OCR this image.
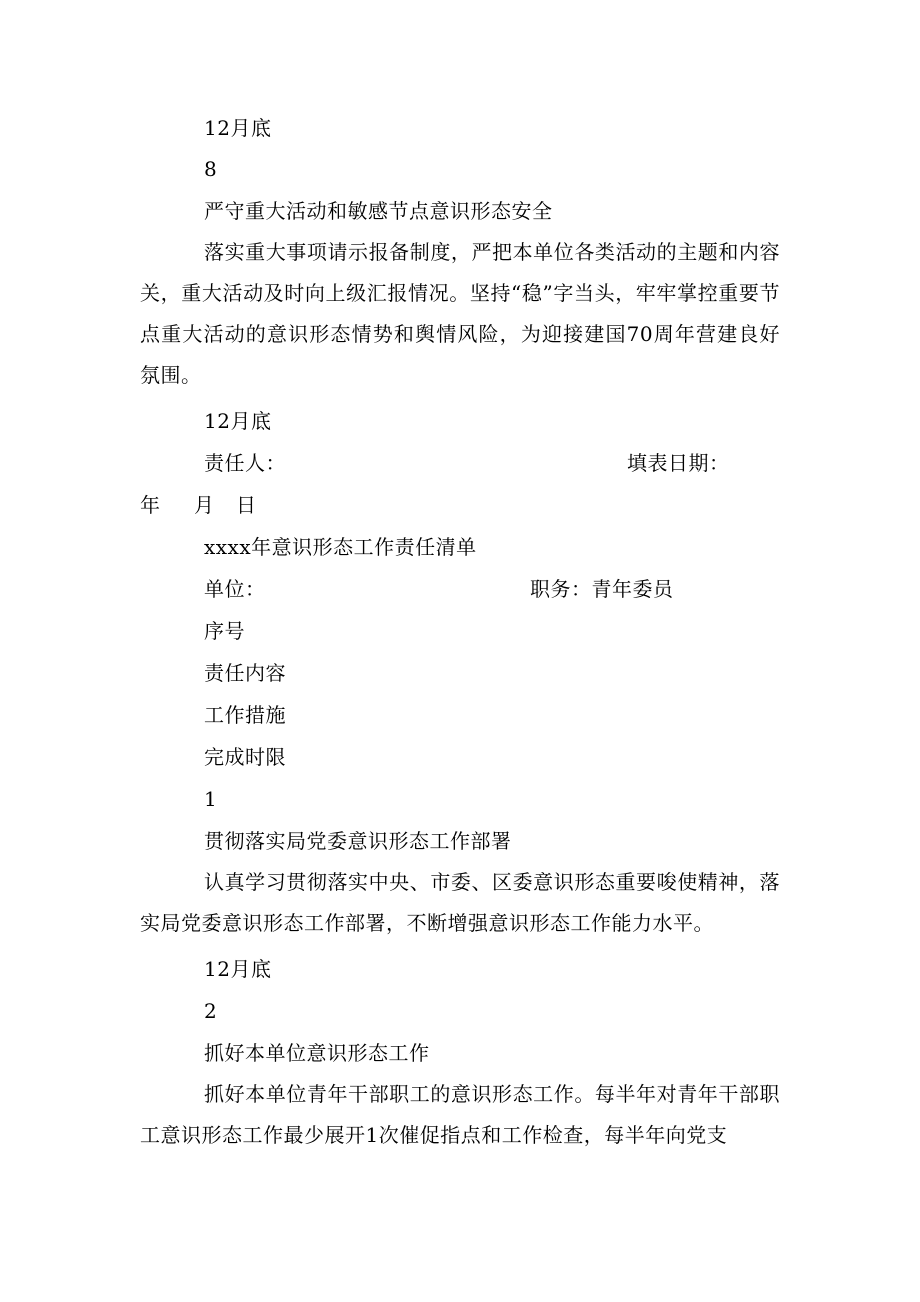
12月底
8
严守重大活动和敏感节点意识形态安全
落实重大事项请示报备制度，严把本单位各类活动的主题和内容关，重大活动及时向上级汇报情况。坚持“稳”字当头，牢牢掌控重要节点重大活动的意识形态情势和舆情风险，为迎接建国70周年营建良好氛围。
12月底
责任人：	填表日期：
年 月 日
xxxx年意识形态工作责任清单
单位：	职务：青年委员
序号
责任内容
工作措施
完成时限
1
贯彻落实局党委意识形态工作部署
认真学习贯彻落实中央、市委、区委意识形态重要唆使精神，落实局党委意识形态工作部署，不断增强意识形态工作能力水平。
12月底
2
抓好本单位意识形态工作
抓好本单位青年干部职工的意识形态工作。每半年对青年干部职工意识形态工作最少展开1次催促指点和工作检查，每半年向党支
